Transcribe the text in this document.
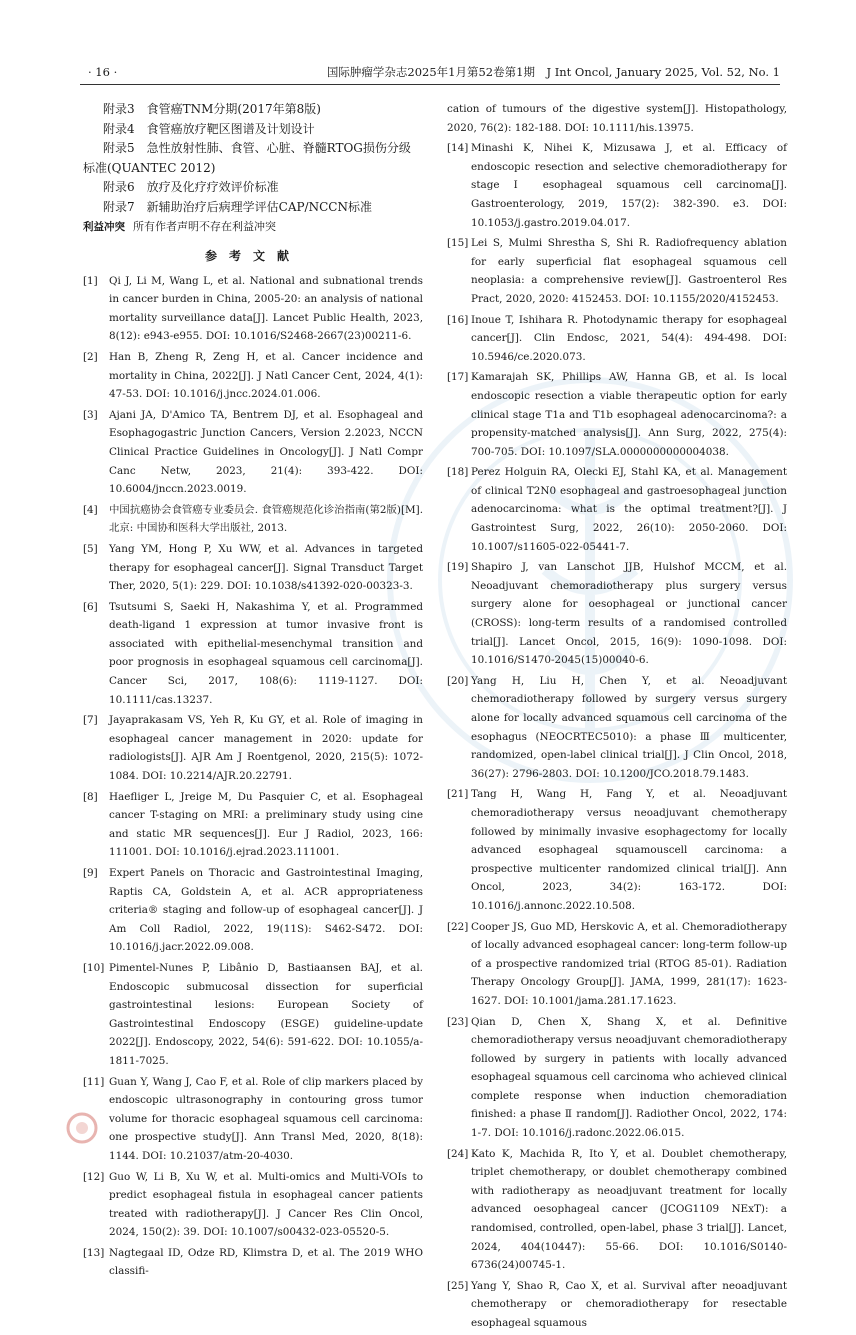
· 16 ·	国际肿瘤学杂志2025年1月第52卷第1期　J Int Oncol, January 2025, Vol. 52, No. 1
附录3　食管癌TNM分期(2017年第8版)
附录4　食管癌放疗靶区图谱及计划设计
附录5　急性放射性肺、食管、心脏、脊髓RTOG损伤分级
标准(QUANTEC 2012)
附录6　放疗及化疗疗效评价标准
附录7　新辅助治疗后病理学评估CAP/NCCN标准
利益冲突 所有作者声明不存在利益冲突
参考文献
[1] Qi J, Li M, Wang L, et al. National and subnational trends in cancer burden in China, 2005-20: an analysis of national mortality surveillance data[J]. Lancet Public Health, 2023, 8(12): e943-e955. DOI: 10.1016/S2468-2667(23)00211-6.
[2] Han B, Zheng R, Zeng H, et al. Cancer incidence and mortality in China, 2022[J]. J Natl Cancer Cent, 2024, 4(1): 47-53. DOI: 10.1016/j.jncc.2024.01.006.
[3] Ajani JA, D'Amico TA, Bentrem DJ, et al. Esophageal and Esophagogastric Junction Cancers, Version 2.2023, NCCN Clinical Practice Guidelines in Oncology[J]. J Natl Compr Canc Netw, 2023, 21(4): 393-422. DOI: 10.6004/jnccn.2023.0019.
[4] 中国抗癌协会食管癌专业委员会. 食管癌规范化诊治指南(第2版)[M]. 北京: 中国协和医科大学出版社, 2013.
[5] Yang YM, Hong P, Xu WW, et al. Advances in targeted therapy for esophageal cancer[J]. Signal Transduct Target Ther, 2020, 5(1): 229. DOI: 10.1038/s41392-020-00323-3.
[6] Tsutsumi S, Saeki H, Nakashima Y, et al. Programmed death-ligand 1 expression at tumor invasive front is associated with epithelial-mesenchymal transition and poor prognosis in esophageal squamous cell carcinoma[J]. Cancer Sci, 2017, 108(6): 1119-1127. DOI: 10.1111/cas.13237.
[7] Jayaprakasam VS, Yeh R, Ku GY, et al. Role of imaging in esophageal cancer management in 2020: update for radiologists[J]. AJR Am J Roentgenol, 2020, 215(5): 1072-1084. DOI: 10.2214/AJR.20.22791.
[8] Haefliger L, Jreige M, Du Pasquier C, et al. Esophageal cancer T-staging on MRI: a preliminary study using cine and static MR sequences[J]. Eur J Radiol, 2023, 166: 111001. DOI: 10.1016/j.ejrad.2023.111001.
[9] Expert Panels on Thoracic and Gastrointestinal Imaging, Raptis CA, Goldstein A, et al. ACR appropriateness criteria® staging and follow-up of esophageal cancer[J]. J Am Coll Radiol, 2022, 19(11S): S462-S472. DOI: 10.1016/j.jacr.2022.09.008.
[10] Pimentel-Nunes P, Libânio D, Bastiaansen BAJ, et al. Endoscopic submucosal dissection for superficial gastrointestinal lesions: European Society of Gastrointestinal Endoscopy (ESGE) guideline-update 2022[J]. Endoscopy, 2022, 54(6): 591-622. DOI: 10.1055/a-1811-7025.
[11] Guan Y, Wang J, Cao F, et al. Role of clip markers placed by endoscopic ultrasonography in contouring gross tumor volume for thoracic esophageal squamous cell carcinoma: one prospective study[J]. Ann Transl Med, 2020, 8(18): 1144. DOI: 10.21037/atm-20-4030.
[12] Guo W, Li B, Xu W, et al. Multi-omics and Multi-VOIs to predict esophageal fistula in esophageal cancer patients treated with radiotherapy[J]. J Cancer Res Clin Oncol, 2024, 150(2): 39. DOI: 10.1007/s00432-023-05520-5.
[13] Nagtegaal ID, Odze RD, Klimstra D, et al. The 2019 WHO classifi-
cation of tumours of the digestive system[J]. Histopathology, 2020, 76(2): 182-188. DOI: 10.1111/his.13975.
[14] Minashi K, Nihei K, Mizusawa J, et al. Efficacy of endoscopic resection and selective chemoradiotherapy for stage Ⅰ esophageal squamous cell carcinoma[J]. Gastroenterology, 2019, 157(2): 382-390. e3. DOI: 10.1053/j.gastro.2019.04.017.
[15] Lei S, Mulmi Shrestha S, Shi R. Radiofrequency ablation for early superficial flat esophageal squamous cell neoplasia: a comprehensive review[J]. Gastroenterol Res Pract, 2020, 2020: 4152453. DOI: 10.1155/2020/4152453.
[16] Inoue T, Ishihara R. Photodynamic therapy for esophageal cancer[J]. Clin Endosc, 2021, 54(4): 494-498. DOI: 10.5946/ce.2020.073.
[17] Kamarajah SK, Phillips AW, Hanna GB, et al. Is local endoscopic resection a viable therapeutic option for early clinical stage T1a and T1b esophageal adenocarcinoma?: a propensity-matched analysis[J]. Ann Surg, 2022, 275(4): 700-705. DOI: 10.1097/SLA.0000000000004038.
[18] Perez Holguin RA, Olecki EJ, Stahl KA, et al. Management of clinical T2N0 esophageal and gastroesophageal junction adenocarcinoma: what is the optimal treatment?[J]. J Gastrointest Surg, 2022, 26(10): 2050-2060. DOI: 10.1007/s11605-022-05441-7.
[19] Shapiro J, van Lanschot JJB, Hulshof MCCM, et al. Neoadjuvant chemoradiotherapy plus surgery versus surgery alone for oesophageal or junctional cancer (CROSS): long-term results of a randomised controlled trial[J]. Lancet Oncol, 2015, 16(9): 1090-1098. DOI: 10.1016/S1470-2045(15)00040-6.
[20] Yang H, Liu H, Chen Y, et al. Neoadjuvant chemoradiotherapy followed by surgery versus surgery alone for locally advanced squamous cell carcinoma of the esophagus (NEOCRTEC5010): a phase Ⅲ multicenter, randomized, open-label clinical trial[J]. J Clin Oncol, 2018, 36(27): 2796-2803. DOI: 10.1200/JCO.2018.79.1483.
[21] Tang H, Wang H, Fang Y, et al. Neoadjuvant chemoradiotherapy versus neoadjuvant chemotherapy followed by minimally invasive esophagectomy for locally advanced esophageal squamouscell carcinoma: a prospective multicenter randomized clinical trial[J]. Ann Oncol, 2023, 34(2): 163-172. DOI: 10.1016/j.annonc.2022.10.508.
[22] Cooper JS, Guo MD, Herskovic A, et al. Chemoradiotherapy of locally advanced esophageal cancer: long-term follow-up of a prospective randomized trial (RTOG 85-01). Radiation Therapy Oncology Group[J]. JAMA, 1999, 281(17): 1623-1627. DOI: 10.1001/jama.281.17.1623.
[23] Qian D, Chen X, Shang X, et al. Definitive chemoradiotherapy versus neoadjuvant chemoradiotherapy followed by surgery in patients with locally advanced esophageal squamous cell carcinoma who achieved clinical complete response when induction chemoradiation finished: a phase Ⅱ random[J]. Radiother Oncol, 2022, 174: 1-7. DOI: 10.1016/j.radonc.2022.06.015.
[24] Kato K, Machida R, Ito Y, et al. Doublet chemotherapy, triplet chemotherapy, or doublet chemotherapy combined with radiotherapy as neoadjuvant treatment for locally advanced oesophageal cancer (JCOG1109 NExT): a randomised, controlled, open-label, phase 3 trial[J]. Lancet, 2024, 404(10447): 55-66. DOI: 10.1016/S0140-6736(24)00745-1.
[25] Yang Y, Shao R, Cao X, et al. Survival after neoadjuvant chemotherapy or chemoradiotherapy for resectable esophageal squamous
